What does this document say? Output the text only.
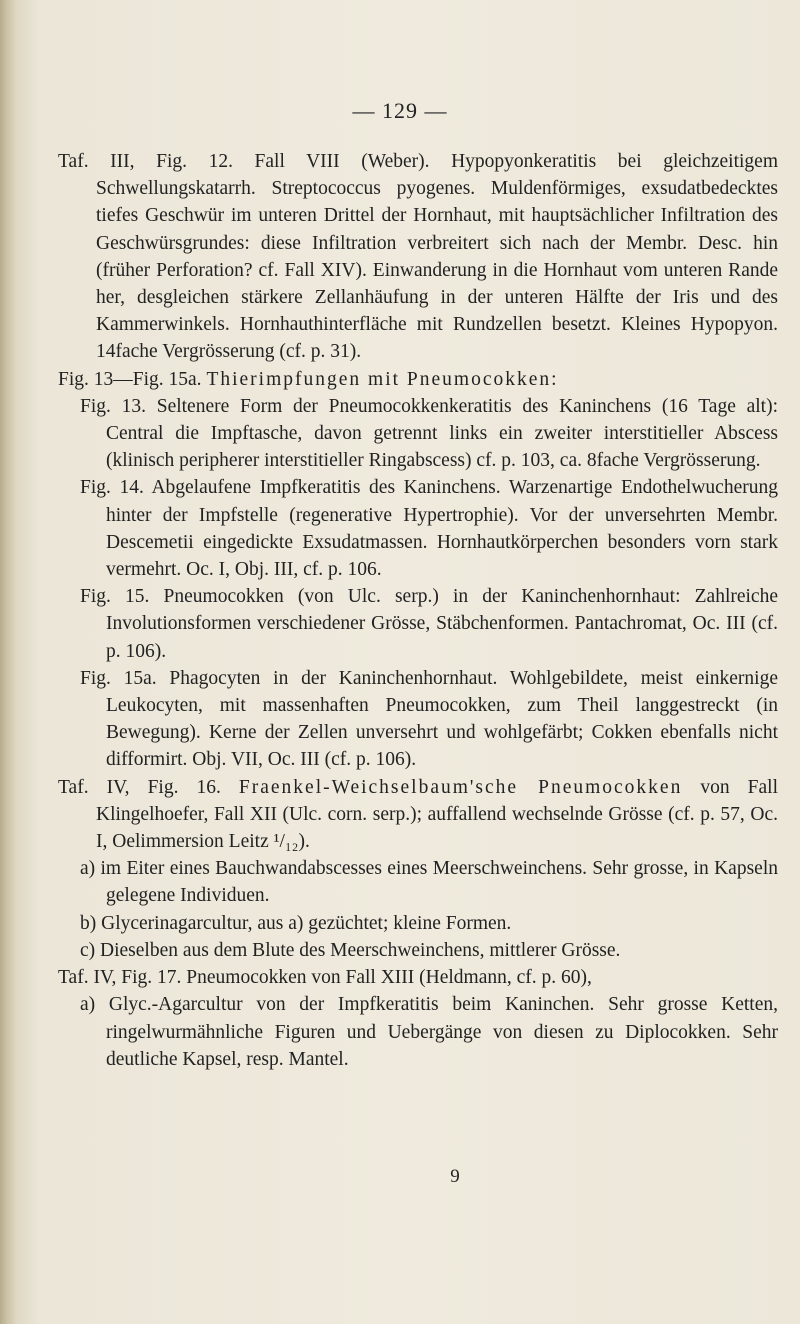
— 129 —

Taf. III, Fig. 12. Fall VIII (Weber). Hypopyonkeratitis bei gleichzeitigem Schwellungskatarrh. Streptococcus pyogenes. Muldenförmiges, exsudatbedecktes tiefes Geschwür im unteren Drittel der Hornhaut, mit hauptsächlicher Infiltration des Geschwürsgrundes: diese Infiltration verbreitert sich nach der Membr. Desc. hin (früher Perforation? cf. Fall XIV). Einwanderung in die Hornhaut vom unteren Rande her, desgleichen stärkere Zellanhäufung in der unteren Hälfte der Iris und des Kammerwinkels. Hornhauthinterfläche mit Rundzellen besetzt. Kleines Hypopyon. 14fache Vergrösserung (cf. p. 31).

Fig. 13—Fig. 15a. Thierimpfungen mit Pneumocokken:

Fig. 13. Seltenere Form der Pneumocokkenkeratitis des Kaninchens (16 Tage alt): Central die Impftasche, davon getrennt links ein zweiter interstitieller Abscess (klinisch peripherer interstitieller Ringabscess) cf. p. 103, ca. 8fache Vergrösserung.

Fig. 14. Abgelaufene Impfkeratitis des Kaninchens. Warzenartige Endothelwucherung hinter der Impfstelle (regenerative Hypertrophie). Vor der unversehrten Membr. Descemetii eingedickte Exsudatmassen. Hornhautkörperchen besonders vorn stark vermehrt. Oc. I, Obj. III, cf. p. 106.

Fig. 15. Pneumocokken (von Ulc. serp.) in der Kaninchenhornhaut: Zahlreiche Involutionsformen verschiedener Grösse, Stäbchenformen. Pantachromat, Oc. III (cf. p. 106).

Fig. 15a. Phagocyten in der Kaninchenhornhaut. Wohlgebildete, meist einkernige Leukocyten, mit massenhaften Pneumocokken, zum Theil langgestreckt (in Bewegung). Kerne der Zellen unversehrt und wohlgefärbt; Cokken ebenfalls nicht difformirt. Obj. VII, Oc. III (cf. p. 106).

Taf. IV, Fig. 16. Fraenkel-Weichselbaum'sche Pneumocokken von Fall Klingelhoefer, Fall XII (Ulc. corn. serp.); auffallend wechselnde Grösse (cf. p. 57, Oc. I, Oelimmersion Leitz ¹/₁₂).

a) im Eiter eines Bauchwandabscesses eines Meerschweinchens. Sehr grosse, in Kapseln gelegene Individuen.

b) Glycerinagarcultur, aus a) gezüchtet; kleine Formen.

c) Dieselben aus dem Blute des Meerschweinchens, mittlerer Grösse.

Taf. IV, Fig. 17. Pneumocokken von Fall XIII (Heldmann, cf. p. 60),

a) Glyc.-Agarcultur von der Impfkeratitis beim Kaninchen. Sehr grosse Ketten, ringelwurmähnliche Figuren und Uebergänge von diesen zu Diplocokken. Sehr deutliche Kapsel, resp. Mantel.

9
